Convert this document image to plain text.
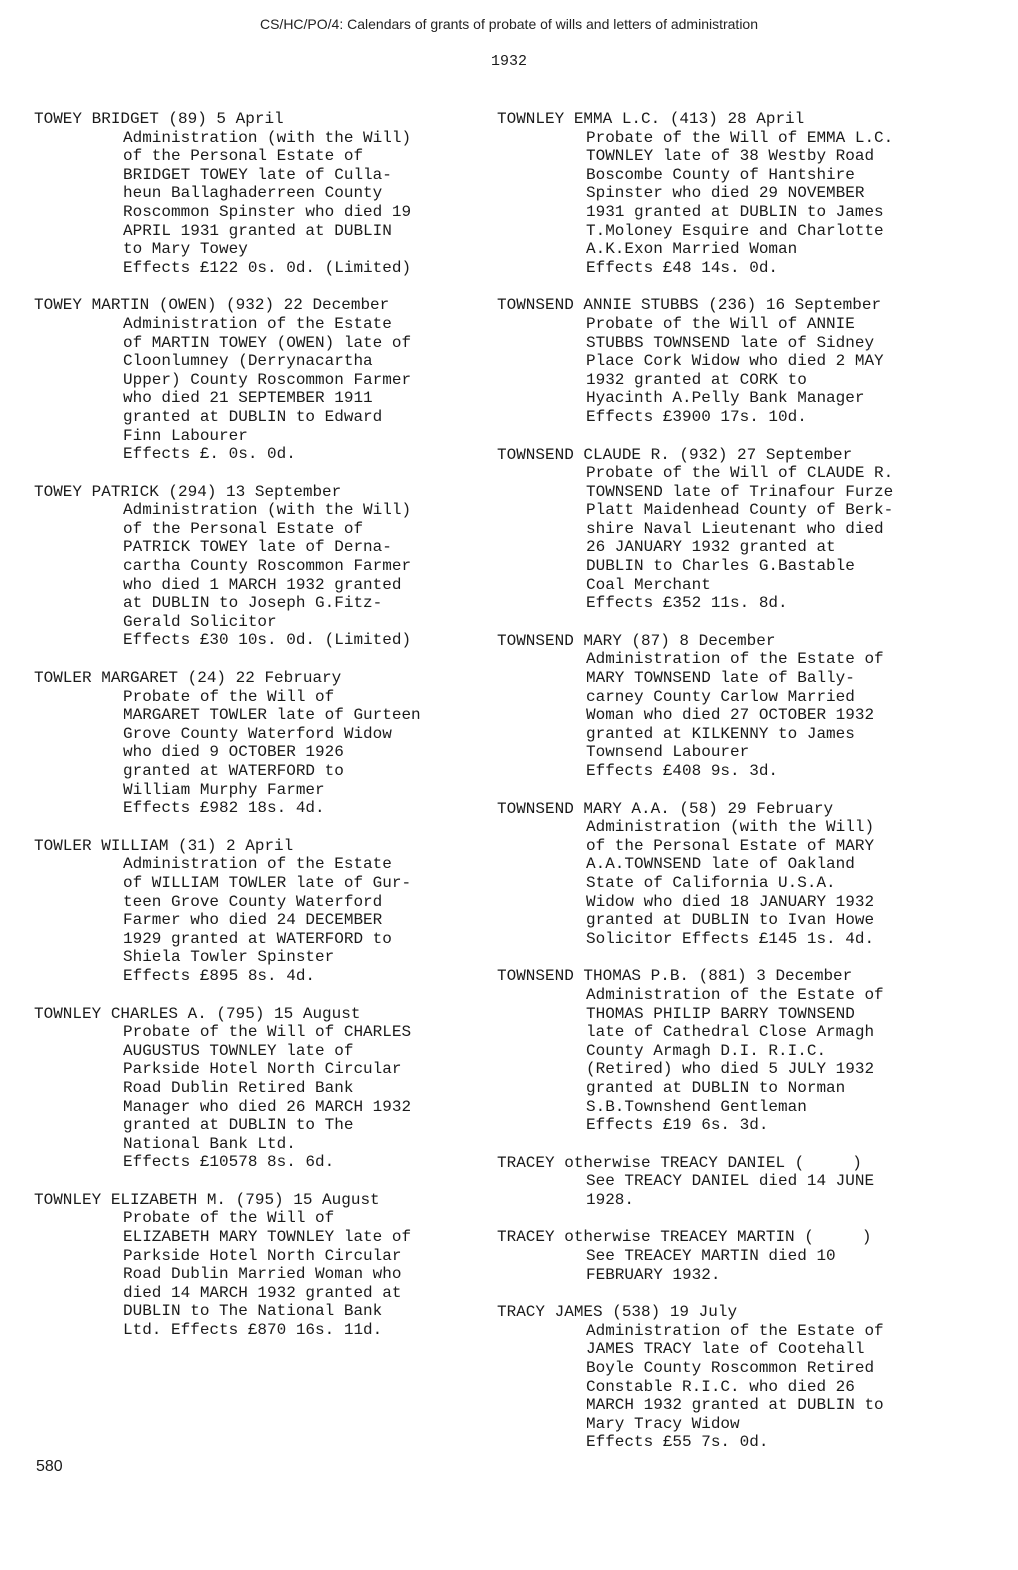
CS/HC/PO/4: Calendars of grants of probate of wills and letters of administration
1932
TOWEY BRIDGET (89) 5 April
Administration (with the Will)
of the Personal Estate of
BRIDGET TOWEY late of Culla-
heun Ballaghaderreen County
Roscommon Spinster who died 19
APRIL 1931 granted at DUBLIN
to Mary Towey
Effects £122 0s. 0d. (Limited)
TOWEY MARTIN (OWEN) (932) 22 December
Administration of the Estate
of MARTIN TOWEY (OWEN) late of
Cloonlumney (Derrynacartha
Upper) County Roscommon Farmer
who died 21 SEPTEMBER 1911
granted at DUBLIN to Edward
Finn Labourer
Effects £. 0s. 0d.
TOWEY PATRICK (294) 13 September
Administration (with the Will)
of the Personal Estate of
PATRICK TOWEY late of Derna-
cartha County Roscommon Farmer
who died 1 MARCH 1932 granted
at DUBLIN to Joseph G.Fitz-
Gerald Solicitor
Effects £30 10s. 0d. (Limited)
TOWLER MARGARET (24) 22 February
Probate of the Will of
MARGARET TOWLER late of Gurteen
Grove County Waterford Widow
who died 9 OCTOBER 1926
granted at WATERFORD to
William Murphy Farmer
Effects £982 18s. 4d.
TOWLER WILLIAM (31) 2 April
Administration of the Estate
of WILLIAM TOWLER late of Gur-
teen Grove County Waterford
Farmer who died 24 DECEMBER
1929 granted at WATERFORD to
Shiela Towler Spinster
Effects £895 8s. 4d.
TOWNLEY CHARLES A. (795) 15 August
Probate of the Will of CHARLES
AUGUSTUS TOWNLEY late of
Parkside Hotel North Circular
Road Dublin Retired Bank
Manager who died 26 MARCH 1932
granted at DUBLIN to The
National Bank Ltd.
Effects £10578 8s. 6d.
TOWNLEY ELIZABETH M. (795) 15 August
Probate of the Will of
ELIZABETH MARY TOWNLEY late of
Parkside Hotel North Circular
Road Dublin Married Woman who
died 14 MARCH 1932 granted at
DUBLIN to The National Bank
Ltd. Effects £870 16s. 11d.
TOWNLEY EMMA L.C. (413) 28 April
Probate of the Will of EMMA L.C.
TOWNLEY late of 38 Westby Road
Boscombe County of Hantshire
Spinster who died 29 NOVEMBER
1931 granted at DUBLIN to James
T.Moloney Esquire and Charlotte
A.K.Exon Married Woman
Effects £48 14s. 0d.
TOWNSEND ANNIE STUBBS (236) 16 September
Probate of the Will of ANNIE
STUBBS TOWNSEND late of Sidney
Place Cork Widow who died 2 MAY
1932 granted at CORK to
Hyacinth A.Pelly Bank Manager
Effects £3900 17s. 10d.
TOWNSEND CLAUDE R. (932) 27 September
Probate of the Will of CLAUDE R.
TOWNSEND late of Trinafour Furze
Platt Maidenhead County of Berk-
shire Naval Lieutenant who died
26 JANUARY 1932 granted at
DUBLIN to Charles G.Bastable
Coal Merchant
Effects £352 11s. 8d.
TOWNSEND MARY (87) 8 December
Administration of the Estate of
MARY TOWNSEND late of Bally-
carney County Carlow Married
Woman who died 27 OCTOBER 1932
granted at KILKENNY to James
Townsend Labourer
Effects £408 9s. 3d.
TOWNSEND MARY A.A. (58) 29 February
Administration (with the Will)
of the Personal Estate of MARY
A.A.TOWNSEND late of Oakland
State of California U.S.A.
Widow who died 18 JANUARY 1932
granted at DUBLIN to Ivan Howe
Solicitor Effects £145 1s. 4d.
TOWNSEND THOMAS P.B. (881) 3 December
Administration of the Estate of
THOMAS PHILIP BARRY TOWNSEND
late of Cathedral Close Armagh
County Armagh D.I. R.I.C.
(Retired) who died 5 JULY 1932
granted at DUBLIN to Norman
S.B.Townshend Gentleman
Effects £19 6s. 3d.
TRACEY otherwise TREACY DANIEL (     )
See TREACY DANIEL died 14 JUNE
1928.
TRACEY otherwise TREACEY MARTIN (     )
See TREACEY MARTIN died 10
FEBRUARY 1932.
TRACY JAMES (538) 19 July
Administration of the Estate of
JAMES TRACY late of Cootehall
Boyle County Roscommon Retired
Constable R.I.C. who died 26
MARCH 1932 granted at DUBLIN to
Mary Tracy Widow
Effects £55 7s. 0d.
580
